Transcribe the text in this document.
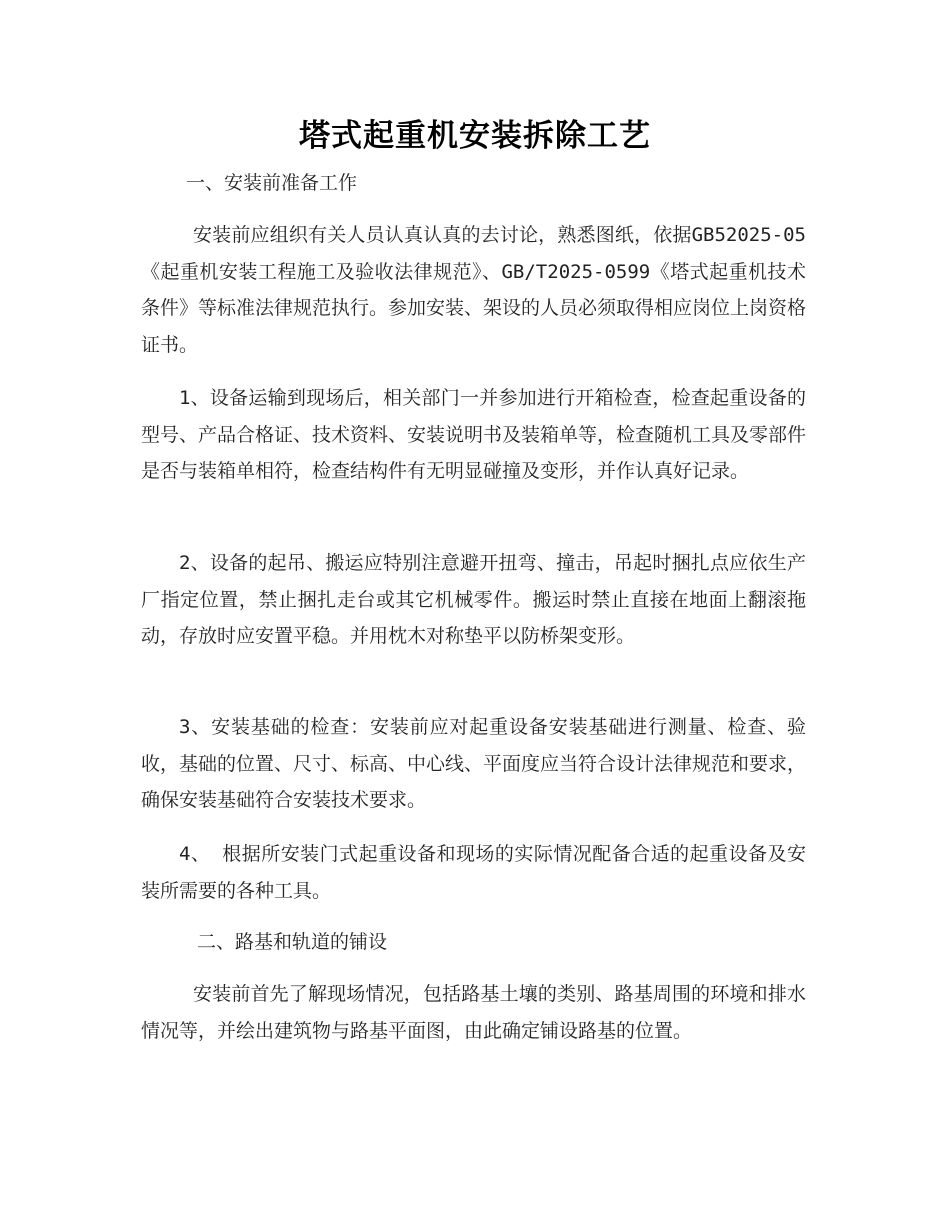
塔式起重机安装拆除工艺

一、安装前准备工作

安装前应组织有关人员认真认真的去讨论，熟悉图纸，依据GB52025-05《起重机安装工程施工及验收法律规范》、GB/T2025-0599《塔式起重机技术条件》等标准法律规范执行。参加安装、架设的人员必须取得相应岗位上岗资格证书。

1、设备运输到现场后，相关部门一并参加进行开箱检查，检查起重设备的型号、产品合格证、技术资料、安装说明书及装箱单等，检查随机工具及零部件是否与装箱单相符，检查结构件有无明显碰撞及变形，并作认真好记录。

2、设备的起吊、搬运应特别注意避开扭弯、撞击，吊起时捆扎点应依生产厂指定位置，禁止捆扎走台或其它机械零件。搬运时禁止直接在地面上翻滚拖动，存放时应安置平稳。并用枕木对称垫平以防桥架变形。

3、安装基础的检查：安装前应对起重设备安装基础进行测量、检查、验收，基础的位置、尺寸、标高、中心线、平面度应当符合设计法律规范和要求，确保安装基础符合安装技术要求。

4、 根据所安装门式起重设备和现场的实际情况配备合适的起重设备及安装所需要的各种工具。

二、路基和轨道的铺设

安装前首先了解现场情况，包括路基土壤的类别、路基周围的环境和排水情况等，并绘出建筑物与路基平面图，由此确定铺设路基的位置。
